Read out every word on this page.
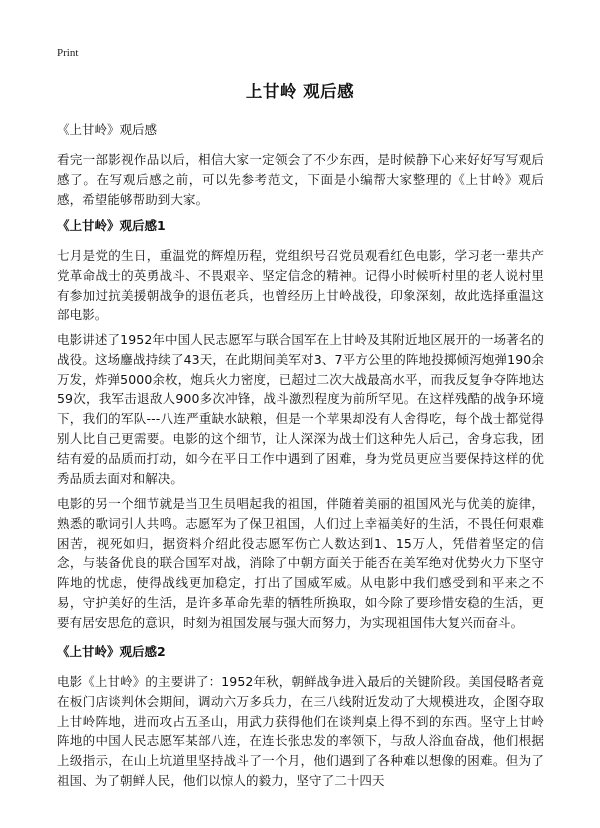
Print
上甘岭 观后感

《上甘岭》观后感

看完一部影视作品以后，相信大家一定领会了不少东西，是时候静下心来好好写写观后感了。在写观后感之前，可以先参考范文，下面是小编帮大家整理的《上甘岭》观后感，希望能够帮助到大家。

《上甘岭》观后感1

七月是党的生日，重温党的辉煌历程，党组织号召党员观看红色电影，学习老一辈共产党革命战士的英勇战斗、不畏艰辛、坚定信念的精神。记得小时候听村里的老人说村里有参加过抗美援朝战争的退伍老兵，也曾经历上甘岭战役，印象深刻，故此选择重温这部电影。

电影讲述了1952年中国人民志愿军与联合国军在上甘岭及其附近地区展开的一场著名的战役。这场鏖战持续了43天，在此期间美军对3、7平方公里的阵地投掷倾泻炮弹190余万发，炸弹5000余枚，炮兵火力密度，已超过二次大战最高水平，而我反复争夺阵地达59次，我军击退敌人900多次冲锋，战斗激烈程度为前所罕见。在这样残酷的战争环境下，我们的军队---八连严重缺水缺粮，但是一个苹果却没有人舍得吃，每个战士都觉得别人比自己更需要。电影的这个细节，让人深深为战士们这种先人后己，舍身忘我，团结有爱的品质而打动，如今在平日工作中遇到了困难，身为党员更应当要保持这样的优秀品质去面对和解决。

电影的另一个细节就是当卫生员唱起我的祖国，伴随着美丽的祖国风光与优美的旋律，熟悉的歌词引人共鸣。志愿军为了保卫祖国，人们过上幸福美好的生活，不畏任何艰难困苦，视死如归，据资料介绍此役志愿军伤亡人数达到1、15万人，凭借着坚定的信念，与装备优良的联合国军对战，消除了中朝方面关于能否在美军绝对优势火力下坚守阵地的忧虑，使得战线更加稳定，打出了国威军威。从电影中我们感受到和平来之不易，守护美好的生活，是许多革命先辈的牺牲所换取，如今除了要珍惜安稳的生活，更要有居安思危的意识，时刻为祖国发展与强大而努力，为实现祖国伟大复兴而奋斗。

《上甘岭》观后感2

电影《上甘岭》的主要讲了：1952年秋，朝鲜战争进入最后的关键阶段。美国侵略者竟在板门店谈判休会期间，调动六万多兵力，在三八线附近发动了大规模进攻，企图夺取上甘岭阵地，进而攻占五圣山，用武力获得他们在谈判桌上得不到的东西。坚守上甘岭阵地的中国人民志愿军某部八连，在连长张忠发的率领下，与敌人浴血奋战，他们根据上级指示，在山上坑道里坚持战斗了一个月，他们遇到了各种难以想像的困难。但为了祖国、为了朝鲜人民，他们以惊人的毅力，坚守了二十四天
